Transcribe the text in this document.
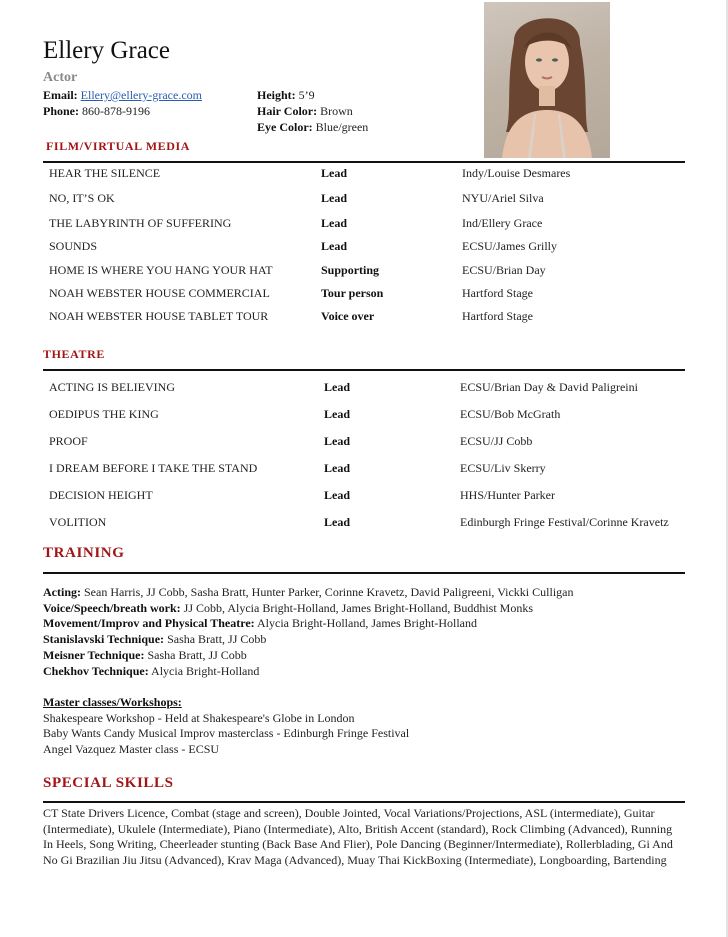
Ellery Grace
Actor
Email: Ellery@ellery-grace.com
Phone: 860-878-9196
Height: 5’9
Hair Color: Brown
Eye Color: Blue/green
FILM/VIRTUAL MEDIA
HEAR THE SILENCE	Lead	Indy/Louise Desmares
NO, IT’S OK	Lead	NYU/Ariel Silva
THE LABYRINTH OF SUFFERING	Lead	Ind/Ellery Grace
SOUNDS	Lead	ECSU/James Grilly
HOME IS WHERE YOU HANG YOUR HAT	Supporting	ECSU/Brian Day
NOAH WEBSTER HOUSE COMMERCIAL	Tour person	Hartford Stage
NOAH WEBSTER HOUSE TABLET TOUR	Voice over	Hartford Stage
THEATRE
ACTING IS BELIEVING	Lead	ECSU/Brian Day & David Paligreini
OEDIPUS THE KING	Lead	ECSU/Bob McGrath
PROOF	Lead	ECSU/JJ Cobb
I DREAM BEFORE I TAKE THE STAND	Lead	ECSU/Liv Skerry
DECISION HEIGHT	Lead	HHS/Hunter Parker
VOLITION	Lead	Edinburgh Fringe Festival/Corinne Kravetz
TRAINING
Acting: Sean Harris, JJ Cobb, Sasha Bratt, Hunter Parker, Corinne Kravetz, David Paligreeni, Vickki Culligan
Voice/Speech/breath work: JJ Cobb, Alycia Bright-Holland, James Bright-Holland, Buddhist Monks
Movement/Improv and Physical Theatre: Alycia Bright-Holland, James Bright-Holland
Stanislavski Technique: Sasha Bratt, JJ Cobb
Meisner Technique: Sasha Bratt, JJ Cobb
Chekhov Technique: Alycia Bright-Holland
Master classes/Workshops:
Shakespeare Workshop - Held at Shakespeare's Globe in London
Baby Wants Candy Musical Improv masterclass - Edinburgh Fringe Festival
Angel Vazquez Master class - ECSU
SPECIAL SKILLS
CT State Drivers Licence, Combat (stage and screen), Double Jointed, Vocal Variations/Projections, ASL (intermediate), Guitar (Intermediate), Ukulele (Intermediate), Piano (Intermediate), Alto, British Accent (standard), Rock Climbing (Advanced), Running In Heels, Song Writing, Cheerleader stunting (Back Base And Flier), Pole Dancing (Beginner/Intermediate), Rollerblading, Gi And No Gi Brazilian Jiu Jitsu (Advanced), Krav Maga (Advanced), Muay Thai KickBoxing (Intermediate), Longboarding, Bartending
